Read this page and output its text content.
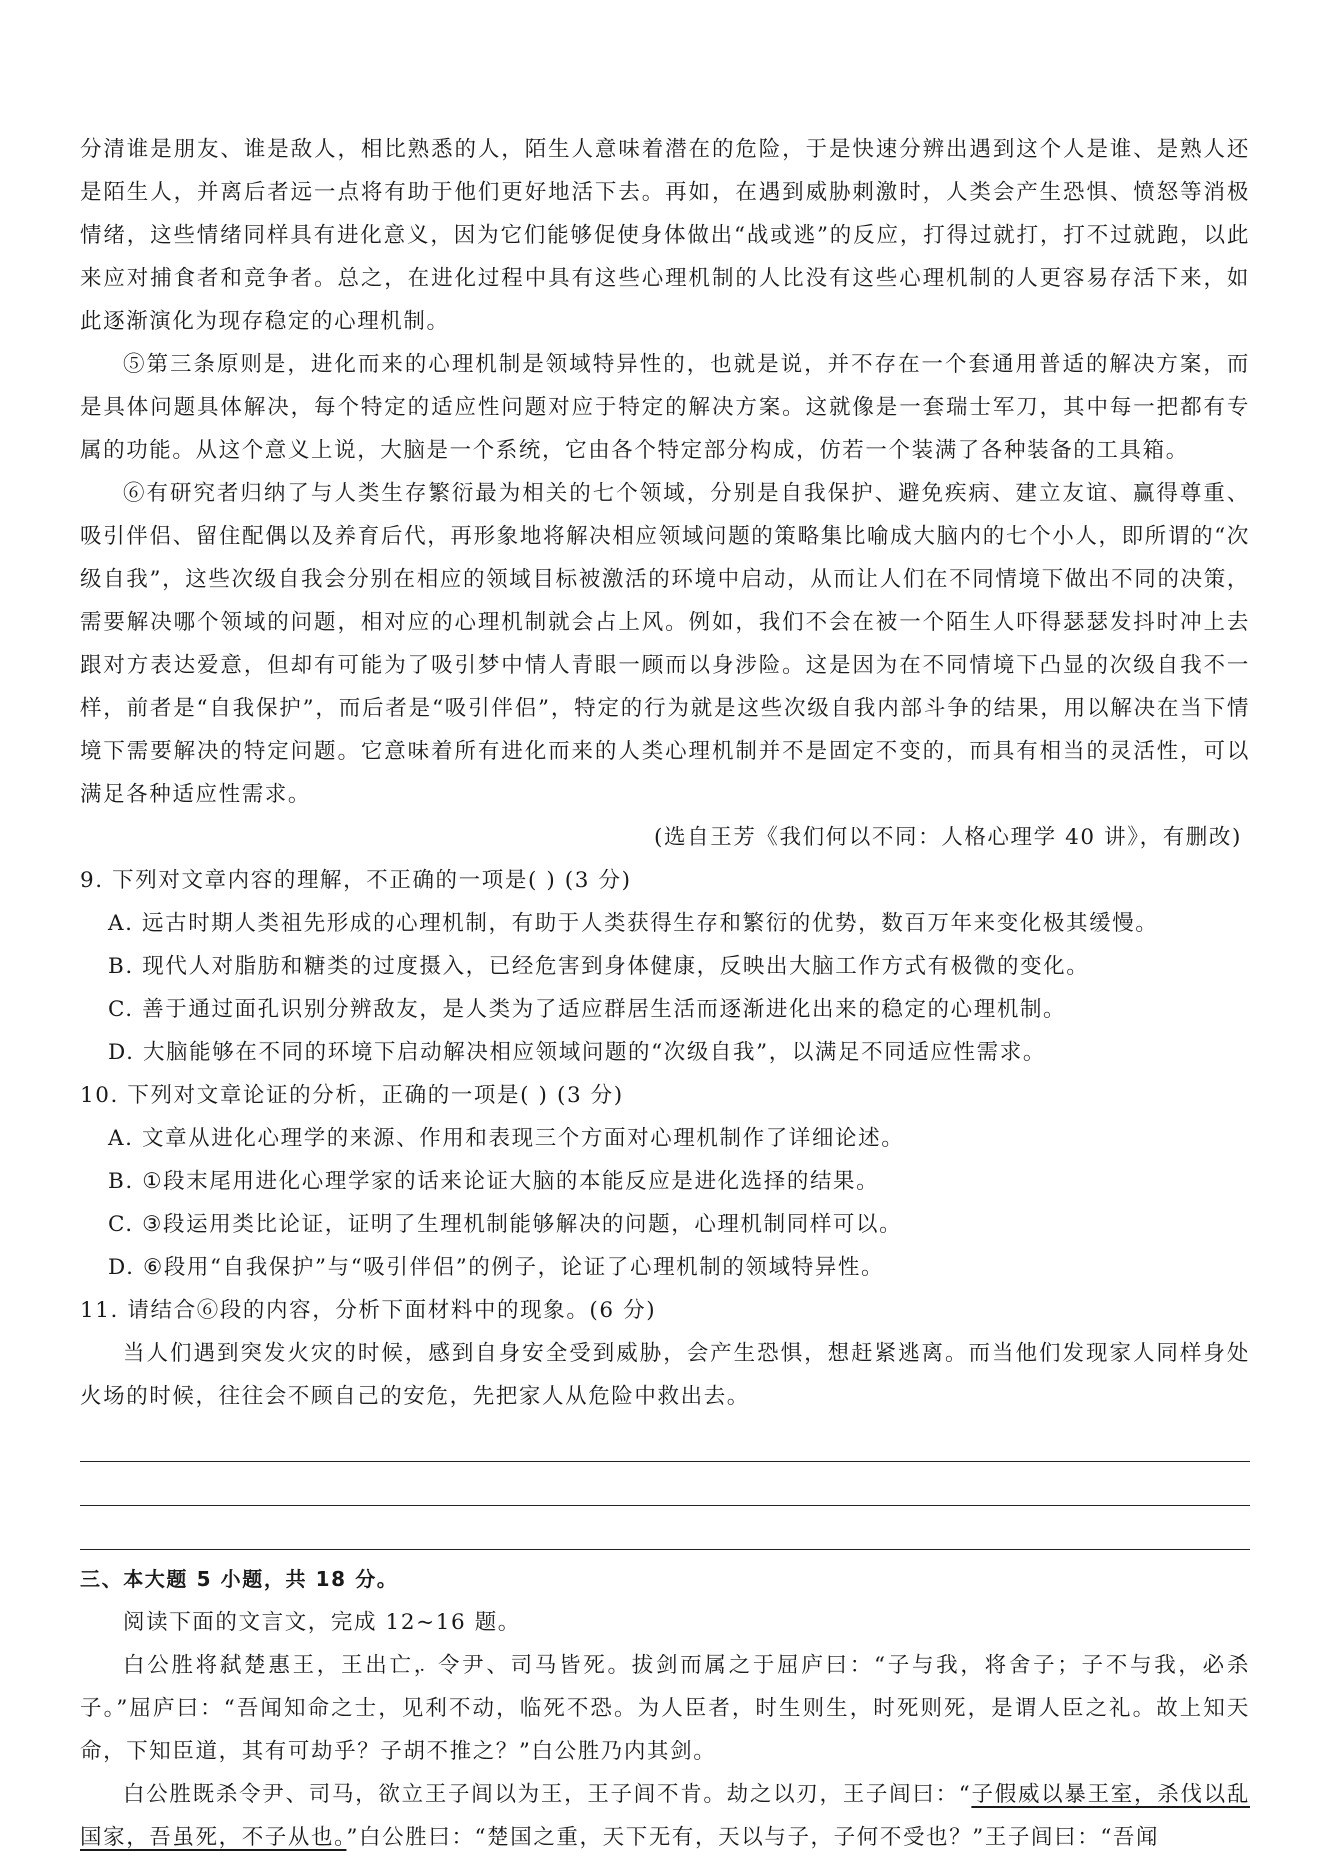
分清谁是朋友、谁是敌人，相比熟悉的人，陌生人意味着潜在的危险，于是快速分辨出遇到这个人是谁、是熟人还是陌生人，并离后者远一点将有助于他们更好地活下去。再如，在遇到威胁刺激时，人类会产生恐惧、愤怒等消极情绪，这些情绪同样具有进化意义，因为它们能够促使身体做出“战或逃”的反应，打得过就打，打不过就跑，以此来应对捕食者和竞争者。总之，在进化过程中具有这些心理机制的人比没有这些心理机制的人更容易存活下来，如此逐渐演化为现存稳定的心理机制。

⑤第三条原则是，进化而来的心理机制是领域特异性的，也就是说，并不存在一个套通用普适的解决方案，而是具体问题具体解决，每个特定的适应性问题对应于特定的解决方案。这就像是一套瑞士军刀，其中每一把都有专属的功能。从这个意义上说，大脑是一个系统，它由各个特定部分构成，仿若一个装满了各种装备的工具箱。

⑥有研究者归纳了与人类生存繁衍最为相关的七个领域，分别是自我保护、避免疾病、建立友谊、赢得尊重、吸引伴侣、留住配偶以及养育后代，再形象地将解决相应领域问题的策略集比喻成大脑内的七个小人，即所谓的“次级自我”，这些次级自我会分别在相应的领域目标被激活的环境中启动，从而让人们在不同情境下做出不同的决策，需要解决哪个领域的问题，相对应的心理机制就会占上风。例如，我们不会在被一个陌生人吓得瑟瑟发抖时冲上去跟对方表达爱意，但却有可能为了吸引梦中情人青眼一顾而以身涉险。这是因为在不同情境下凸显的次级自我不一样，前者是“自我保护”，而后者是“吸引伴侣”，特定的行为就是这些次级自我内部斗争的结果，用以解决在当下情境下需要解决的特定问题。它意味着所有进化而来的人类心理机制并不是固定不变的，而具有相当的灵活性，可以满足各种适应性需求。

(选自王芳《我们何以不同：人格心理学 40 讲》，有删改)

9. 下列对文章内容的理解，不正确的一项是( ) (3 分)

A. 远古时期人类祖先形成的心理机制，有助于人类获得生存和繁衍的优势，数百万年来变化极其缓慢。

B. 现代人对脂肪和糖类的过度摄入，已经危害到身体健康，反映出大脑工作方式有极微的变化。

C. 善于通过面孔识别分辨敌友，是人类为了适应群居生活而逐渐进化出来的稳定的心理机制。

D. 大脑能够在不同的环境下启动解决相应领域问题的“次级自我”，以满足不同适应性需求。

10. 下列对文章论证的分析，正确的一项是( ) (3 分)

A. 文章从进化心理学的来源、作用和表现三个方面对心理机制作了详细论述。

B. ①段末尾用进化心理学家的话来论证大脑的本能反应是进化选择的结果。

C. ③段运用类比论证，证明了生理机制能够解决的问题，心理机制同样可以。

D. ⑥段用“自我保护”与“吸引伴侣”的例子，论证了心理机制的领域特异性。

11. 请结合⑥段的内容，分析下面材料中的现象。(6 分)

当人们遇到突发火灾的时候，感到自身安全受到威胁，会产生恐惧，想赶紧逃离。而当他们发现家人同样身处火场的时候，往往会不顾自己的安危，先把家人从危险中救出去。

三、本大题 5 小题，共 18 分。

阅读下面的文言文，完成 12~16 题。

白公胜将弑楚惠王，王出亡 ·，令尹、司马皆死。拔剑而属之于屈庐曰：“子与我，将舍子；子不与我，必杀子。”屈庐曰：“吾闻知命之士，见利不动，临死不恐。为人臣者，时生则生，时死则死，是谓人臣之礼。故上知天命，下知臣道，其有可劫乎？子胡不推之？”白公胜乃内其剑。

白公胜既杀令尹、司马，欲立王子闾以为王，王子闾不肯。劫之以刃，王子闾曰：“子假威以暴王室，杀伐以乱国家，吾虽死，不子从也。”白公胜曰：“楚国之重，天下无有，天以与子，子何不受也？”王子闾曰：“吾闻
